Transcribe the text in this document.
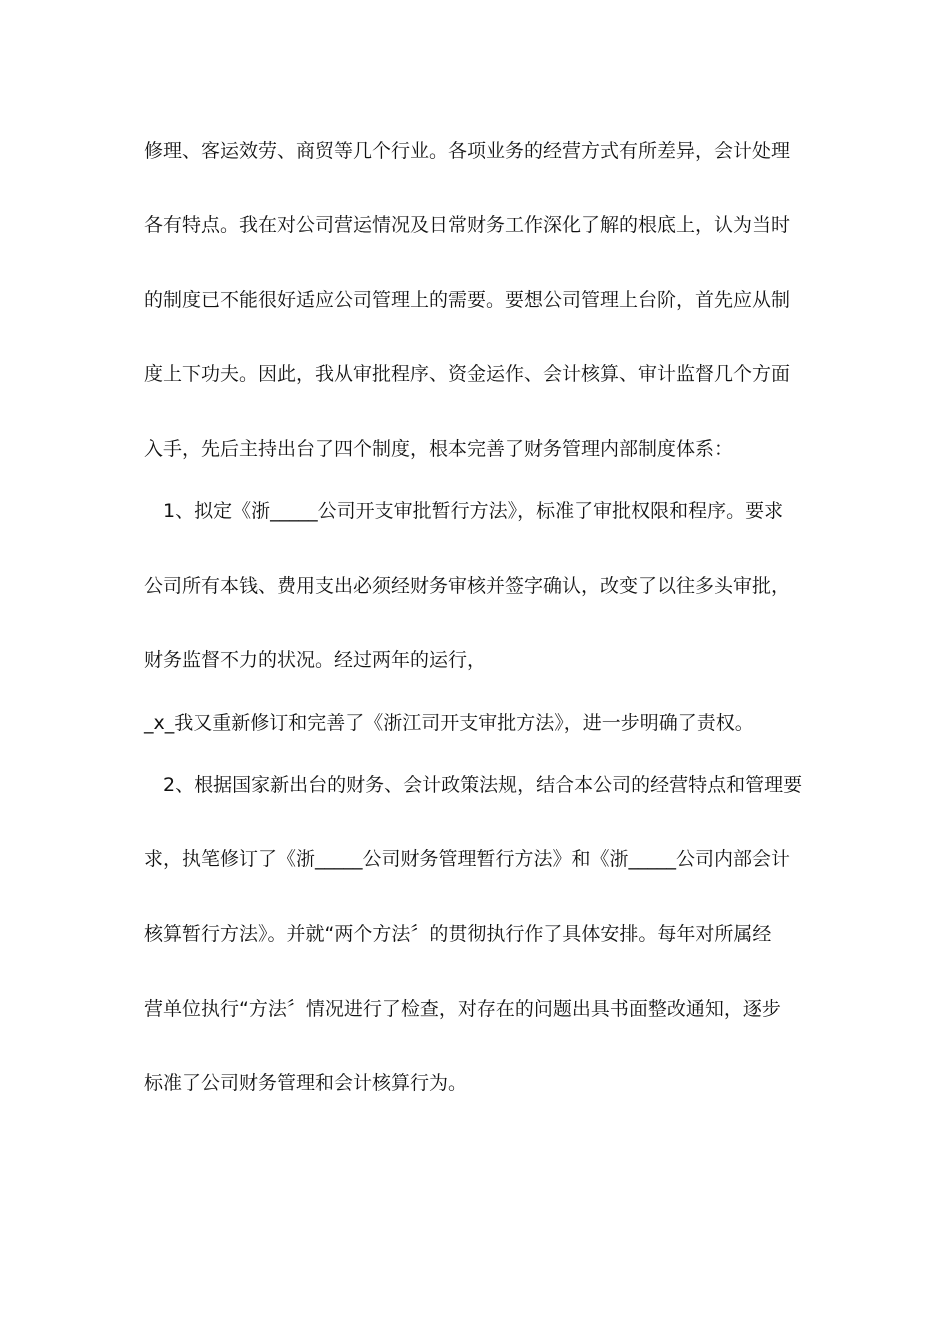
修理、客运效劳、商贸等几个行业。各项业务的经营方式有所差异，会计处理

各有特点。我在对公司营运情况及日常财务工作深化了解的根底上，认为当时

的制度已不能很好适应公司管理上的需要。要想公司管理上台阶，首先应从制

度上下功夫。因此，我从审批程序、资金运作、会计核算、审计监督几个方面

入手，先后主持出台了四个制度，根本完善了财务管理内部制度体系：

1、拟定《浙_____公司开支审批暂行方法》，标准了审批权限和程序。要求

公司所有本钱、费用支出必须经财务审核并签字确认，改变了以往多头审批，

财务监督不力的状况。经过两年的运行，

_x_我又重新修订和完善了《浙江司开支审批方法》，进一步明确了责权。

2、根据国家新出台的财务、会计政策法规，结合本公司的经营特点和管理要

求，执笔修订了《浙_____公司财务管理暂行方法》和《浙_____公司内部会计

核算暂行方法》。并就“两个方法〞的贯彻执行作了具体安排。每年对所属经

营单位执行“方法〞情况进行了检查，对存在的问题出具书面整改通知，逐步

标准了公司财务管理和会计核算行为。
